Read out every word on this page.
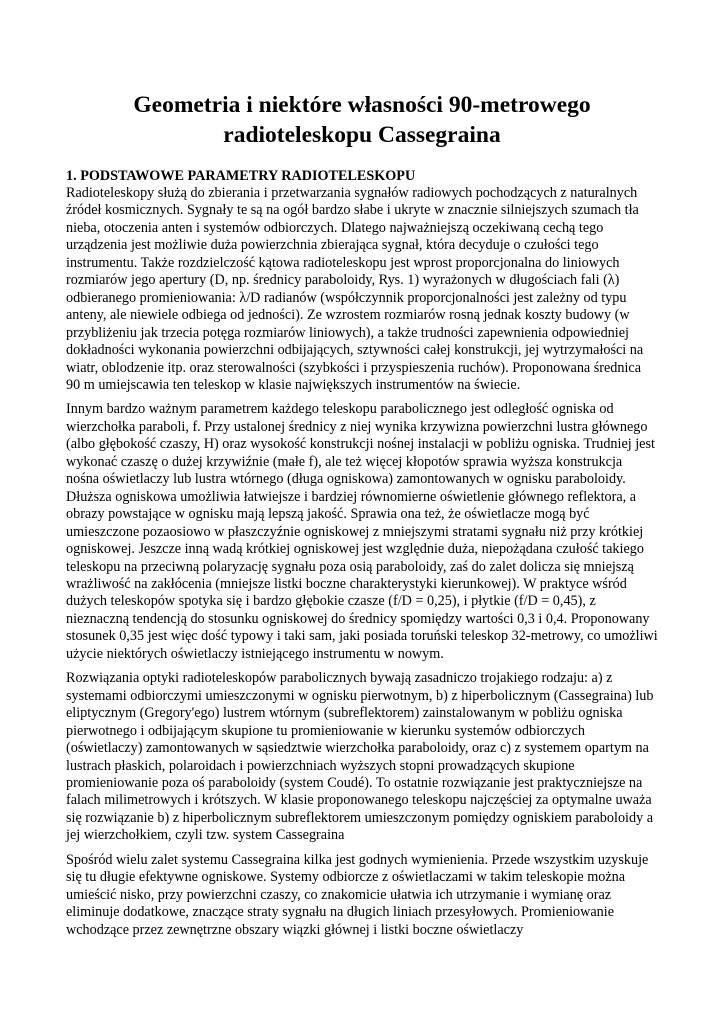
Geometria i niektóre własności 90-metrowego
radioteleskopu Cassegraina
1. PODSTAWOWE PARAMETRY RADIOTELESKOPU

Radioteleskopy służą do zbierania i przetwarzania sygnałów radiowych pochodzących z naturalnych źródeł kosmicznych. Sygnały te są na ogół bardzo słabe i ukryte w znacznie silniejszych szumach tła nieba, otoczenia anten i systemów odbiorczych. Dlatego najważniejszą oczekiwaną cechą tego urządzenia jest możliwie duża powierzchnia zbierająca sygnał, która decyduje o czułości tego instrumentu. Także rozdzielczość kątowa radioteleskopu jest wprost proporcjonalna do liniowych rozmiarów jego apertury (D, np. średnicy paraboloidy, Rys. 1) wyrażonych w długościach fali (λ) odbieranego promieniowania: λ/D radianów (współczynnik proporcjonalności jest zależny od typu anteny, ale niewiele odbiega od jedności). Ze wzrostem rozmiarów rosną jednak koszty budowy (w przybliżeniu jak trzecia potęga rozmiarów liniowych), a także trudności zapewnienia odpowiedniej dokładności wykonania powierzchni odbijających, sztywności całej konstrukcji, jej wytrzymałości na wiatr, oblodzenie itp. oraz sterowalności (szybkości i przyspieszenia ruchów). Proponowana średnica 90 m umiejscawia ten teleskop w klasie największych instrumentów na świecie.

Innym bardzo ważnym parametrem każdego teleskopu parabolicznego jest odległość ogniska od wierzchołka paraboli, f. Przy ustalonej średnicy z niej wynika krzywizna powierzchni lustra głównego (albo głębokość czaszy, H) oraz wysokość konstrukcji nośnej instalacji w pobliżu ogniska. Trudniej jest wykonać czaszę o dużej krzywiźnie (małe f), ale też więcej kłopotów sprawia wyższa konstrukcja nośna oświetlaczy lub lustra wtórnego (długa ogniskowa) zamontowanych w ognisku paraboloidy. Dłuższa ogniskowa umożliwia łatwiejsze i bardziej równomierne oświetlenie głównego reflektora, a obrazy powstające w ognisku mają lepszą jakość. Sprawia ona też, że oświetlacze mogą być umieszczone pozaosiowo w płaszczyźnie ogniskowej z mniejszymi stratami sygnału niż przy krótkiej ogniskowej. Jeszcze inną wadą krótkiej ogniskowej jest względnie duża, niepożądana czułość takiego teleskopu na przeciwną polaryzację sygnału poza osią paraboloidy, zaś do zalet dolicza się mniejszą wrażliwość na zakłócenia (mniejsze listki boczne charakterystyki kierunkowej). W praktyce wśród dużych teleskopów spotyka się i bardzo głębokie czasze (f/D = 0,25), i płytkie (f/D = 0,45), z nieznaczną tendencją do stosunku ogniskowej do średnicy spomiędzy wartości 0,3 i 0,4. Proponowany stosunek 0,35 jest więc dość typowy i taki sam, jaki posiada toruński teleskop 32-metrowy, co umożliwi użycie niektórych oświetlaczy istniejącego instrumentu w nowym.

Rozwiązania optyki radioteleskopów parabolicznych bywają zasadniczo trojakiego rodzaju: a) z systemami odbiorczymi umieszczonymi w ognisku pierwotnym, b) z hiperbolicznym (Cassegraina) lub eliptycznym (Gregory'ego) lustrem wtórnym (subreflektorem) zainstalowanym w pobliżu ogniska pierwotnego i odbijającym skupione tu promieniowanie w kierunku systemów odbiorczych (oświetlaczy) zamontowanych w sąsiedztwie wierzchołka paraboloidy, oraz c) z systemem opartym na lustrach płaskich, polaroidach i powierzchniach wyższych stopni prowadzących skupione promieniowanie poza oś paraboloidy (system Coudé). To ostatnie rozwiązanie jest praktyczniejsze na falach milimetrowych i krótszych. W klasie proponowanego teleskopu najczęściej za optymalne uważa się rozwiązanie b) z hiperbolicznym subreflektorem umieszczonym pomiędzy ogniskiem paraboloidy a jej wierzchołkiem, czyli tzw. system Cassegraina

Spośród wielu zalet systemu Cassegraina kilka jest godnych wymienienia. Przede wszystkim uzyskuje się tu długie efektywne ogniskowe. Systemy odbiorcze z oświetlaczami w takim teleskopie można umieścić nisko, przy powierzchni czaszy, co znakomicie ułatwia ich utrzymanie i wymianę oraz eliminuje dodatkowe, znaczące straty sygnału na długich liniach przesyłowych. Promieniowanie wchodzące przez zewnętrzne obszary wiązki głównej i listki boczne oświetlaczy
